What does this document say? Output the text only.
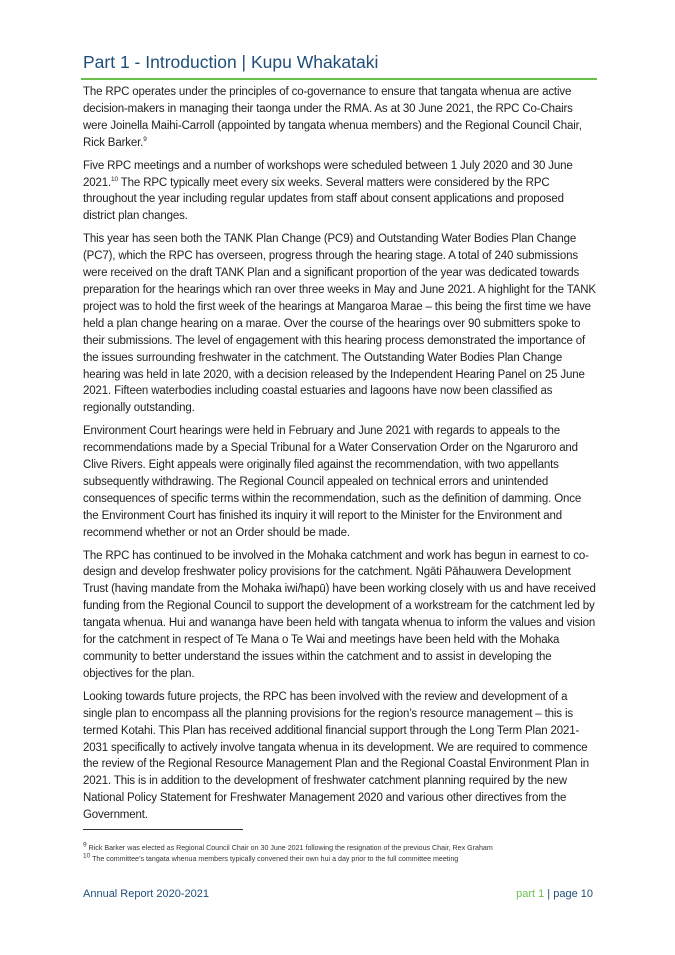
Part 1 - Introduction | Kupu Whakataki

The RPC operates under the principles of co-governance to ensure that tangata whenua are active decision-makers in managing their taonga under the RMA. As at 30 June 2021, the RPC Co-Chairs were Joinella Maihi-Carroll (appointed by tangata whenua members) and the Regional Council Chair, Rick Barker.$^9$

Five RPC meetings and a number of workshops were scheduled between 1 July 2020 and 30 June 2021.10 The RPC typically meet every six weeks. Several matters were considered by the RPC throughout the year including regular updates from staff about consent applications and proposed district plan changes.

This year has seen both the TANK Plan Change (PC9) and Outstanding Water Bodies Plan Change (PC7), which the RPC has overseen, progress through the hearing stage. A total of 240 submissions were received on the draft TANK Plan and a significant proportion of the year was dedicated towards preparation for the hearings which ran over three weeks in May and June 2021. A highlight for the TANK project was to hold the first week of the hearings at Mangaroa Marae – this being the first time we have held a plan change hearing on a marae. Over the course of the hearings over 90 submitters spoke to their submissions. The level of engagement with this hearing process demonstrated the importance of the issues surrounding freshwater in the catchment. The Outstanding Water Bodies Plan Change hearing was held in late 2020, with a decision released by the Independent Hearing Panel on 25 June 2021. Fifteen waterbodies including coastal estuaries and lagoons have now been classified as regionally outstanding.

Environment Court hearings were held in February and June 2021 with regards to appeals to the recommendations made by a Special Tribunal for a Water Conservation Order on the Ngaruroro and Clive Rivers. Eight appeals were originally filed against the recommendation, with two appellants subsequently withdrawing. The Regional Council appealed on technical errors and unintended consequences of specific terms within the recommendation, such as the definition of damming. Once the Environment Court has finished its inquiry it will report to the Minister for the Environment and recommend whether or not an Order should be made.

The RPC has continued to be involved in the Mohaka catchment and work has begun in earnest to co-design and develop freshwater policy provisions for the catchment. Ngāti Pāhauwera Development Trust (having mandate from the Mohaka iwi/hapū) have been working closely with us and have received funding from the Regional Council to support the development of a workstream for the catchment led by tangata whenua. Hui and wananga have been held with tangata whenua to inform the values and vision for the catchment in respect of Te Mana o Te Wai and meetings have been held with the Mohaka community to better understand the issues within the catchment and to assist in developing the objectives for the plan.

Looking towards future projects, the RPC has been involved with the review and development of a single plan to encompass all the planning provisions for the region’s resource management – this is termed Kotahi. This Plan has received additional financial support through the Long Term Plan 2021-2031 specifically to actively involve tangata whenua in its development. We are required to commence the review of the Regional Resource Management Plan and the Regional Coastal Environment Plan in 2021. This is in addition to the development of freshwater catchment planning required by the new National Policy Statement for Freshwater Management 2020 and various other directives from the Government.

$^9$ Rick Barker was elected as Regional Council Chair on 30 June 2021 following the resignation of the previous Chair, Rex Graham
$^{10}$ The committee’s tangata whenua members typically convened their own hui a day prior to the full committee meeting
Annual Report 2020-2021	part 1 | page 10
